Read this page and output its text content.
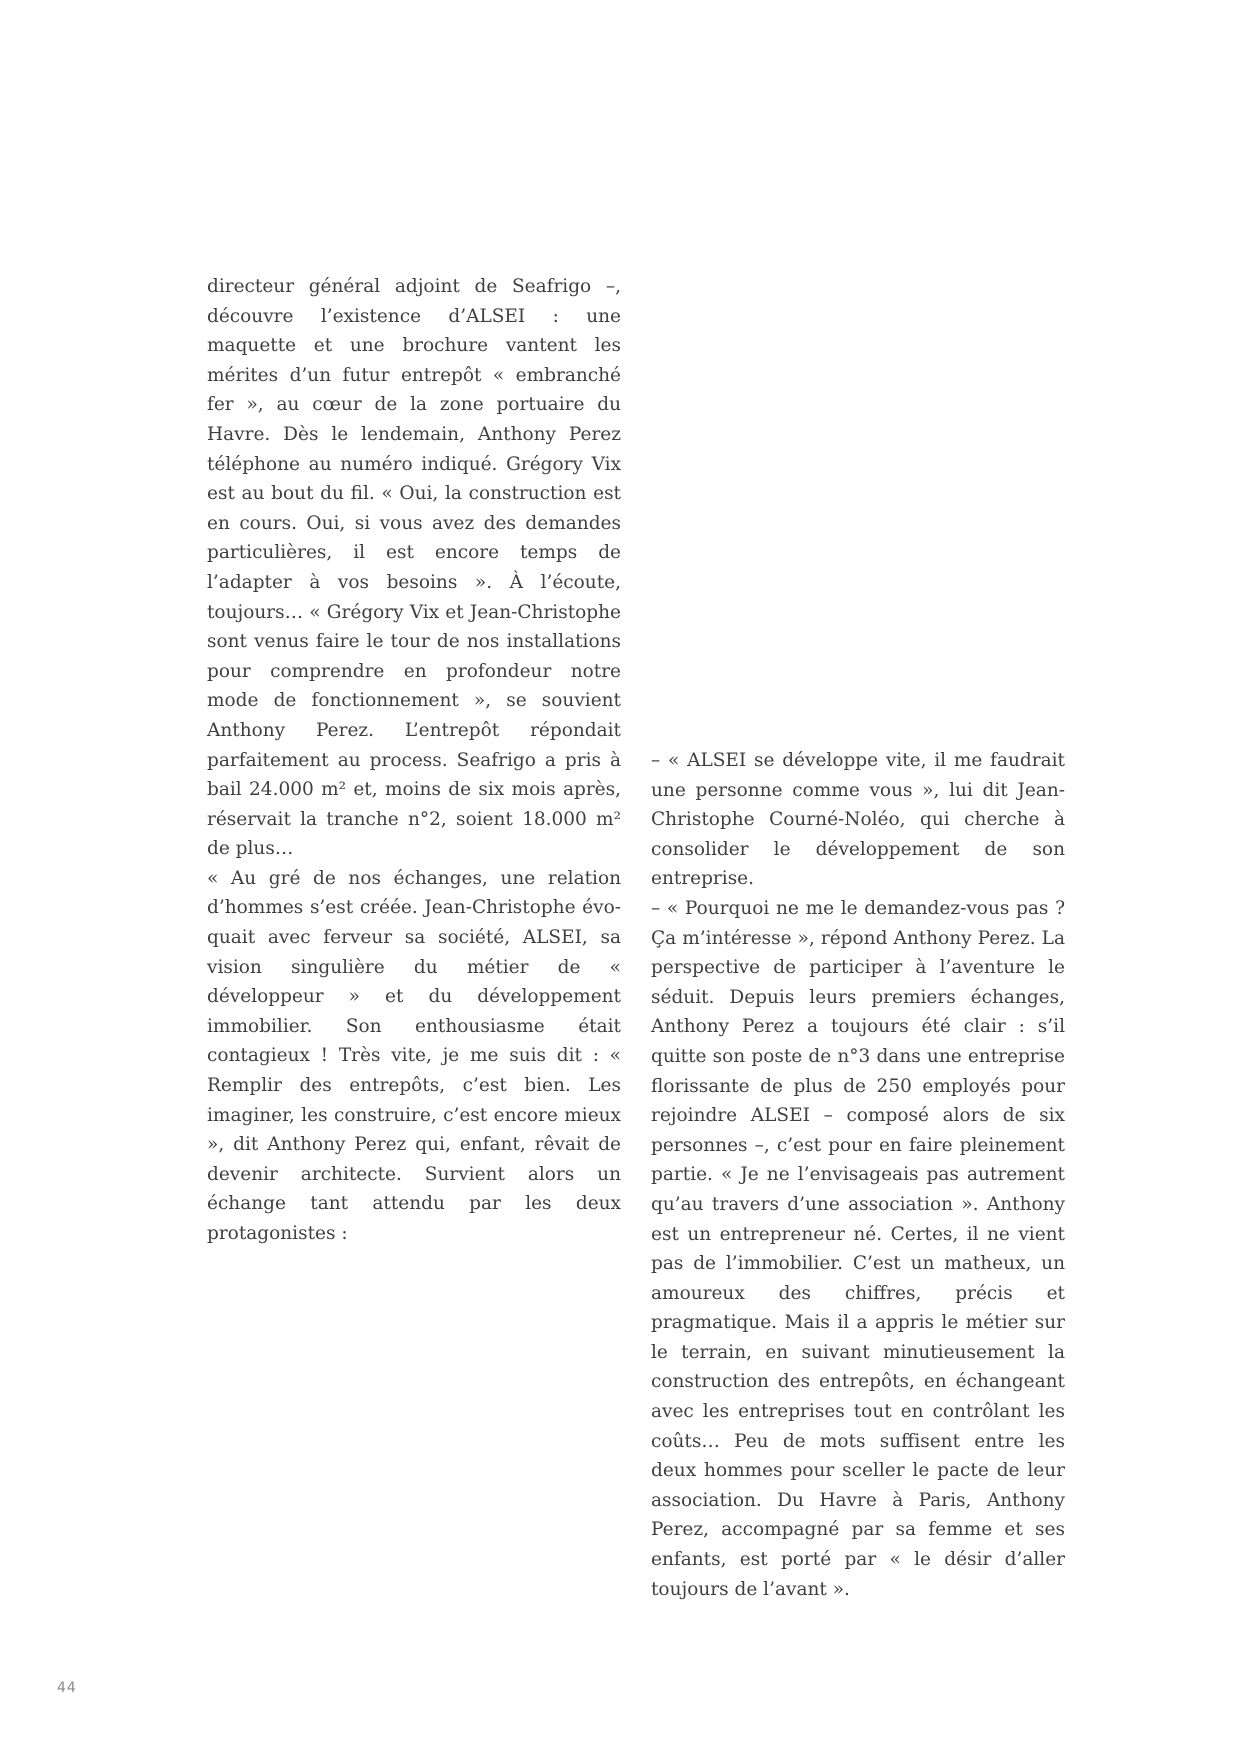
directeur général adjoint de Seafrigo –, découvre l’existence d’ALSEI : une maquette et une brochure vantent les mérites d’un futur entrepôt « embranché fer », au cœur de la zone portuaire du Havre. Dès le lendemain, Anthony Perez téléphone au numéro indiqué. Grégory Vix est au bout du fil. « Oui, la construction est en cours. Oui, si vous avez des demandes particulières, il est encore temps de l’adapter à vos besoins ». À l’écoute, toujours… « Grégory Vix et Jean-Christophe sont venus faire le tour de nos installations pour comprendre en profondeur notre mode de fonctionnement », se souvient Anthony Perez. L’entrepôt répondait parfaitement au process. Seafrigo a pris à bail 24.000 m² et, moins de six mois après, réservait la tranche n°2, soient 18.000 m² de plus…

« Au gré de nos échanges, une relation d’hommes s’est créée. Jean-Christophe évoquait avec ferveur sa société, ALSEI, sa vision singulière du métier de « développeur » et du développement immobilier. Son enthousiasme était contagieux ! Très vite, je me suis dit : « Remplir des entrepôts, c’est bien. Les imaginer, les construire, c’est encore mieux », dit Anthony Perez qui, enfant, rêvait de devenir architecte. Survient alors un échange tant attendu par les deux protagonistes :

– « ALSEI se développe vite, il me faudrait une personne comme vous », lui dit Jean-Christophe Courné-Noléo, qui cherche à consolider le développement de son entreprise.

– « Pourquoi ne me le demandez-vous pas ? Ça m’intéresse », répond Anthony Perez. La perspective de participer à l’aventure le séduit. Depuis leurs premiers échanges, Anthony Perez a toujours été clair : s’il quitte son poste de n°3 dans une entreprise florissante de plus de 250 employés pour rejoindre ALSEI – composé alors de six personnes –, c’est pour en faire pleinement partie. « Je ne l’envisageais pas autrement qu’au travers d’une association ». Anthony est un entrepreneur né. Certes, il ne vient pas de l’immobilier. C’est un matheux, un amoureux des chiffres, précis et pragmatique. Mais il a appris le métier sur le terrain, en suivant minutieusement la construction des entrepôts, en échangeant avec les entreprises tout en contrôlant les coûts… Peu de mots suffisent entre les deux hommes pour sceller le pacte de leur association. Du Havre à Paris, Anthony Perez, accompagné par sa femme et ses enfants, est porté par « le désir d’aller toujours de l’avant ».

44
